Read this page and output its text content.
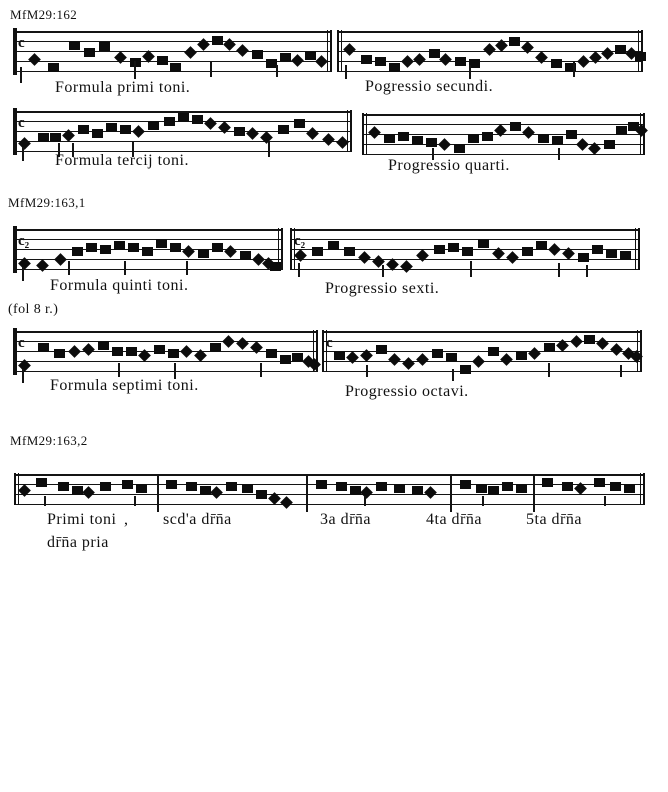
MfM29:162
MfM29:163,1
(fol 8 r.)
MfM29:163,2
c
Formula primi toni.	Pogressio secundi.
c
Formula tercij toni.	Progressio quarti.
c₂
Formula quinti toni.
c₂
Progressio sexti.
c
Formula septimi toni.
c
Progressio octavi.
Primi toni , scd'a dr̄n̄a	3a dr̄n̄a	4ta dr̄n̄a	5ta dr̄n̄a
dr̄n̄a pria
